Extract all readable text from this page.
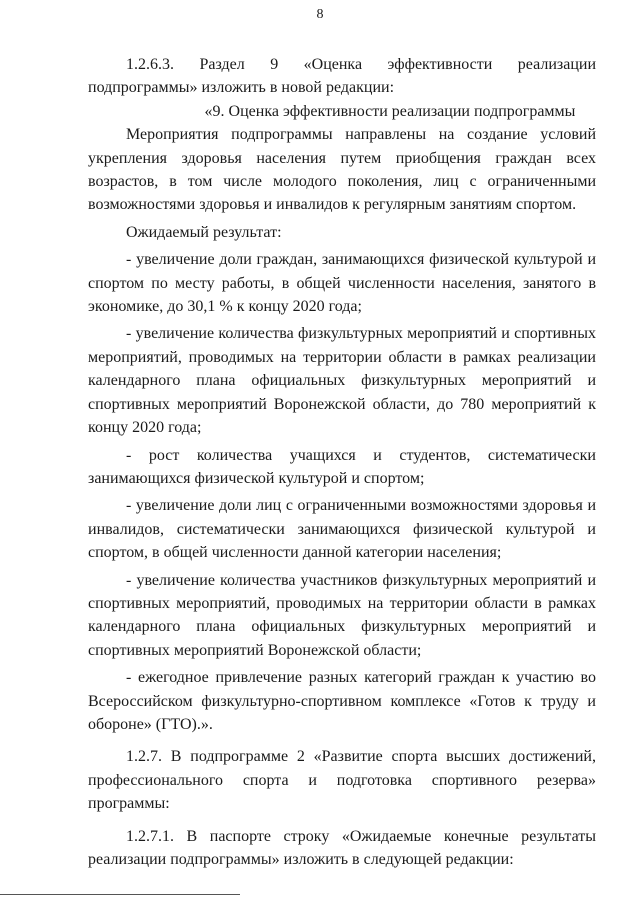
8

1.2.6.3. Раздел 9 «Оценка эффективности реализации подпрограммы» изложить в новой редакции:

«9. Оценка эффективности реализации подпрограммы

Мероприятия подпрограммы направлены на создание условий укрепления здоровья населения путем приобщения граждан всех возрастов, в том числе молодого поколения, лиц с ограниченными возможностями здоровья и инвалидов к регулярным занятиям спортом.

Ожидаемый результат:

- увеличение доли граждан, занимающихся физической культурой и спортом по месту работы, в общей численности населения, занятого в экономике, до 30,1 % к концу 2020 года;

- увеличение количества физкультурных мероприятий и спортивных мероприятий, проводимых на территории области в рамках реализации календарного плана официальных физкультурных мероприятий и спортивных мероприятий Воронежской области, до 780 мероприятий к концу 2020 года;

- рост количества учащихся и студентов, систематически занимающихся физической культурой и спортом;

- увеличение доли лиц с ограниченными возможностями здоровья и инвалидов, систематически занимающихся физической культурой и спортом, в общей численности данной категории населения;

- увеличение количества участников физкультурных мероприятий и спортивных мероприятий, проводимых на территории области в рамках календарного плана официальных физкультурных мероприятий и спортивных мероприятий Воронежской области;

- ежегодное привлечение разных категорий граждан к участию во Всероссийском физкультурно-спортивном комплексе «Готов к труду и обороне» (ГТО).».

1.2.7. В подпрограмме 2 «Развитие спорта высших достижений, профессионального спорта и подготовка спортивного резерва» программы:

1.2.7.1. В паспорте строку «Ожидаемые конечные результаты реализации подпрограммы» изложить в следующей редакции:
